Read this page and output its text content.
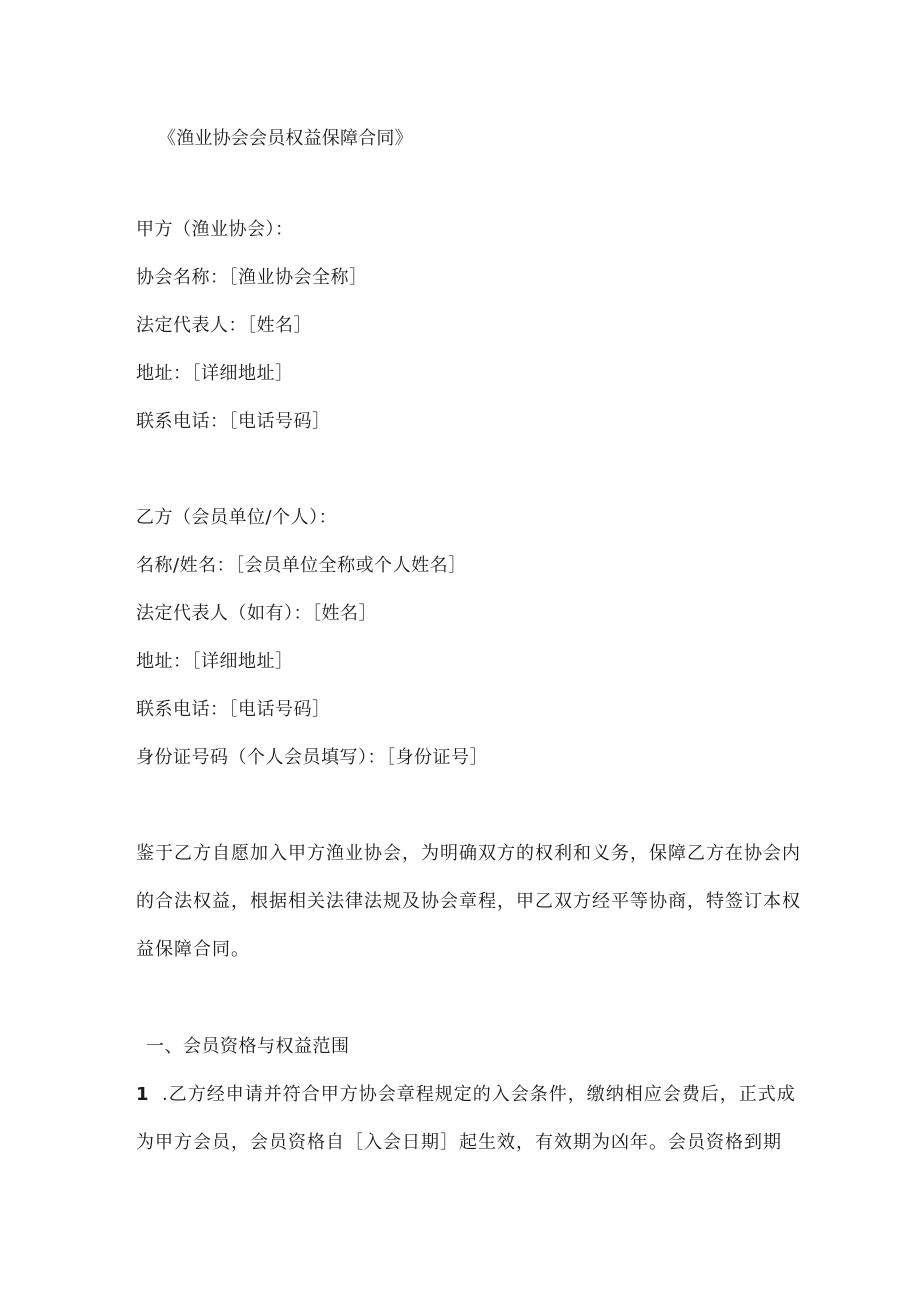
《渔业协会会员权益保障合同》
甲方（渔业协会）：
协会名称：［渔业协会全称］
法定代表人：［姓名］
地址：［详细地址］
联系电话：［电话号码］
乙方（会员单位/个人）：
名称/姓名：［会员单位全称或个人姓名］
法定代表人（如有）：［姓名］
地址：［详细地址］
联系电话：［电话号码］
身份证号码（个人会员填写）：［身份证号］
鉴于乙方自愿加入甲方渔业协会，为明确双方的权利和义务，保障乙方在协会内
的合法权益，根据相关法律法规及协会章程，甲乙双方经平等协商，特签订本权
益保障合同。
一、会员资格与权益范围
1 .乙方经申请并符合甲方协会章程规定的入会条件，缴纳相应会费后，正式成
为甲方会员，会员资格自［入会日期］起生效，有效期为凶年。会员资格到期
